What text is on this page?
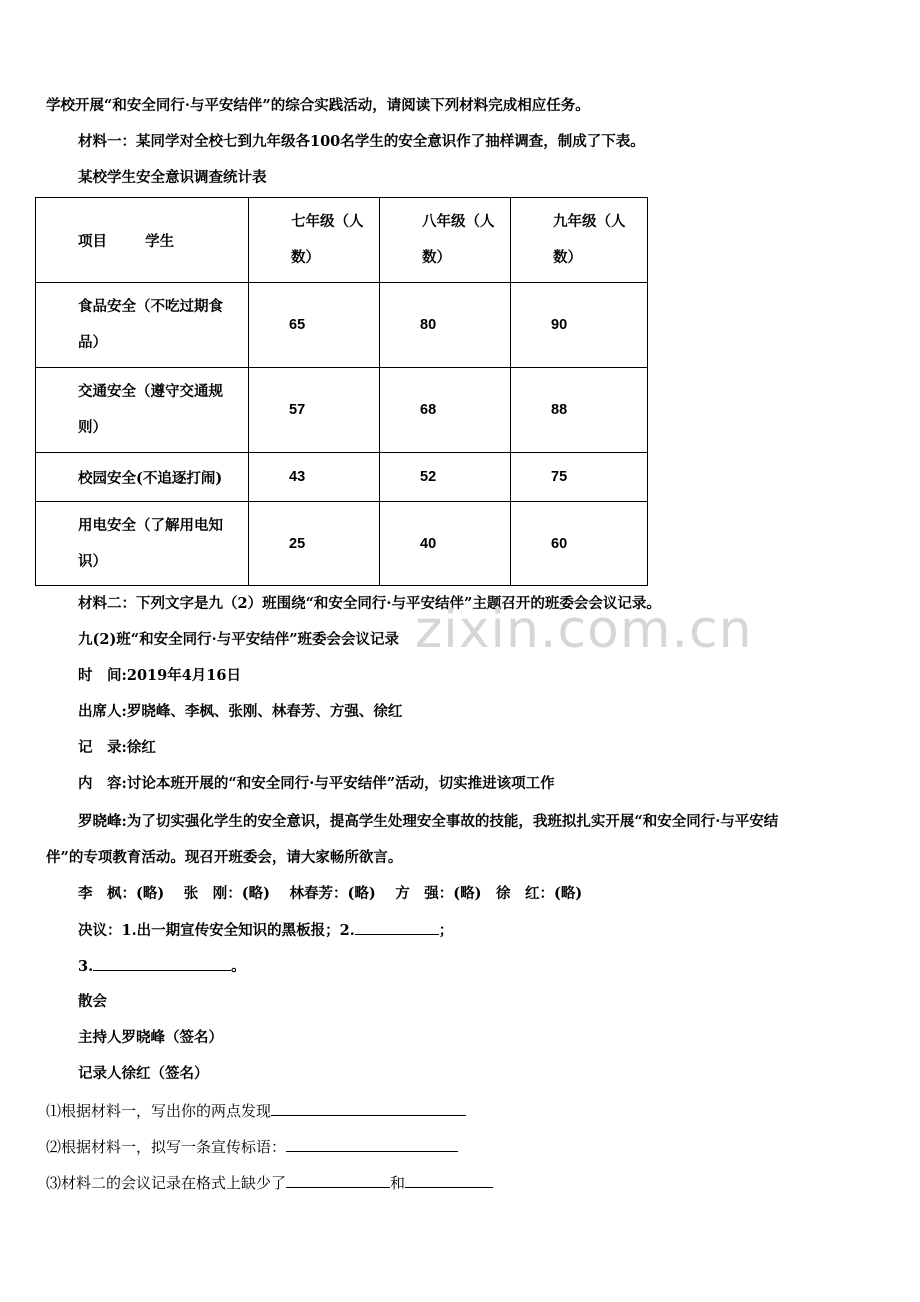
学校开展“和安全同行·与平安结伴”的综合实践活动，请阅读下列材料完成相应任务。
材料一：某同学对全校七到九年级各100名学生的安全意识作了抽样调查，制成了下表。
某校学生安全意识调查统计表
项目 学生	七年级（人数）	八年级（人数）	九年级（人数）

食品安全（不吃过期食品）	65	80	90

交通安全（遵守交通规则）	57	68	88

校园安全(不追逐打闹)	43	52	75

用电安全（了解用电知识）	25	40	60
材料二：下列文字是九（2）班围绕“和安全同行·与平安结伴”主题召开的班委会会议记录。
九(2)班“和安全同行·与平安结伴”班委会会议记录 zixin.com.cn
时　间:2019年4月16日
出席人:罗晓峰、李枫、张刚、林春芳、方强、徐红
记　录:徐红
内　容:讨论本班开展的“和安全同行·与平安结伴”活动，切实推进该项工作
罗晓峰:为了切实强化学生的安全意识，提高学生处理安全事故的技能，我班拟扎实开展“和安全同行·与平安结
伴”的专项教育活动。现召开班委会，请大家畅所欲言。
李　枫：(略)　 张　刚：(略)　 林春芳：(略)　 方　强：(略)　徐　红：(略)
决议：1.出一期宣传安全知识的黑板报；2.	；
3.	。
散会
主持人罗晓峰（签名）
记录人徐红（签名）
⑴根据材料一，写出你的两点发现
⑵根据材料一，拟写一条宣传标语：
⑶材料二的会议记录在格式上缺少了	和
